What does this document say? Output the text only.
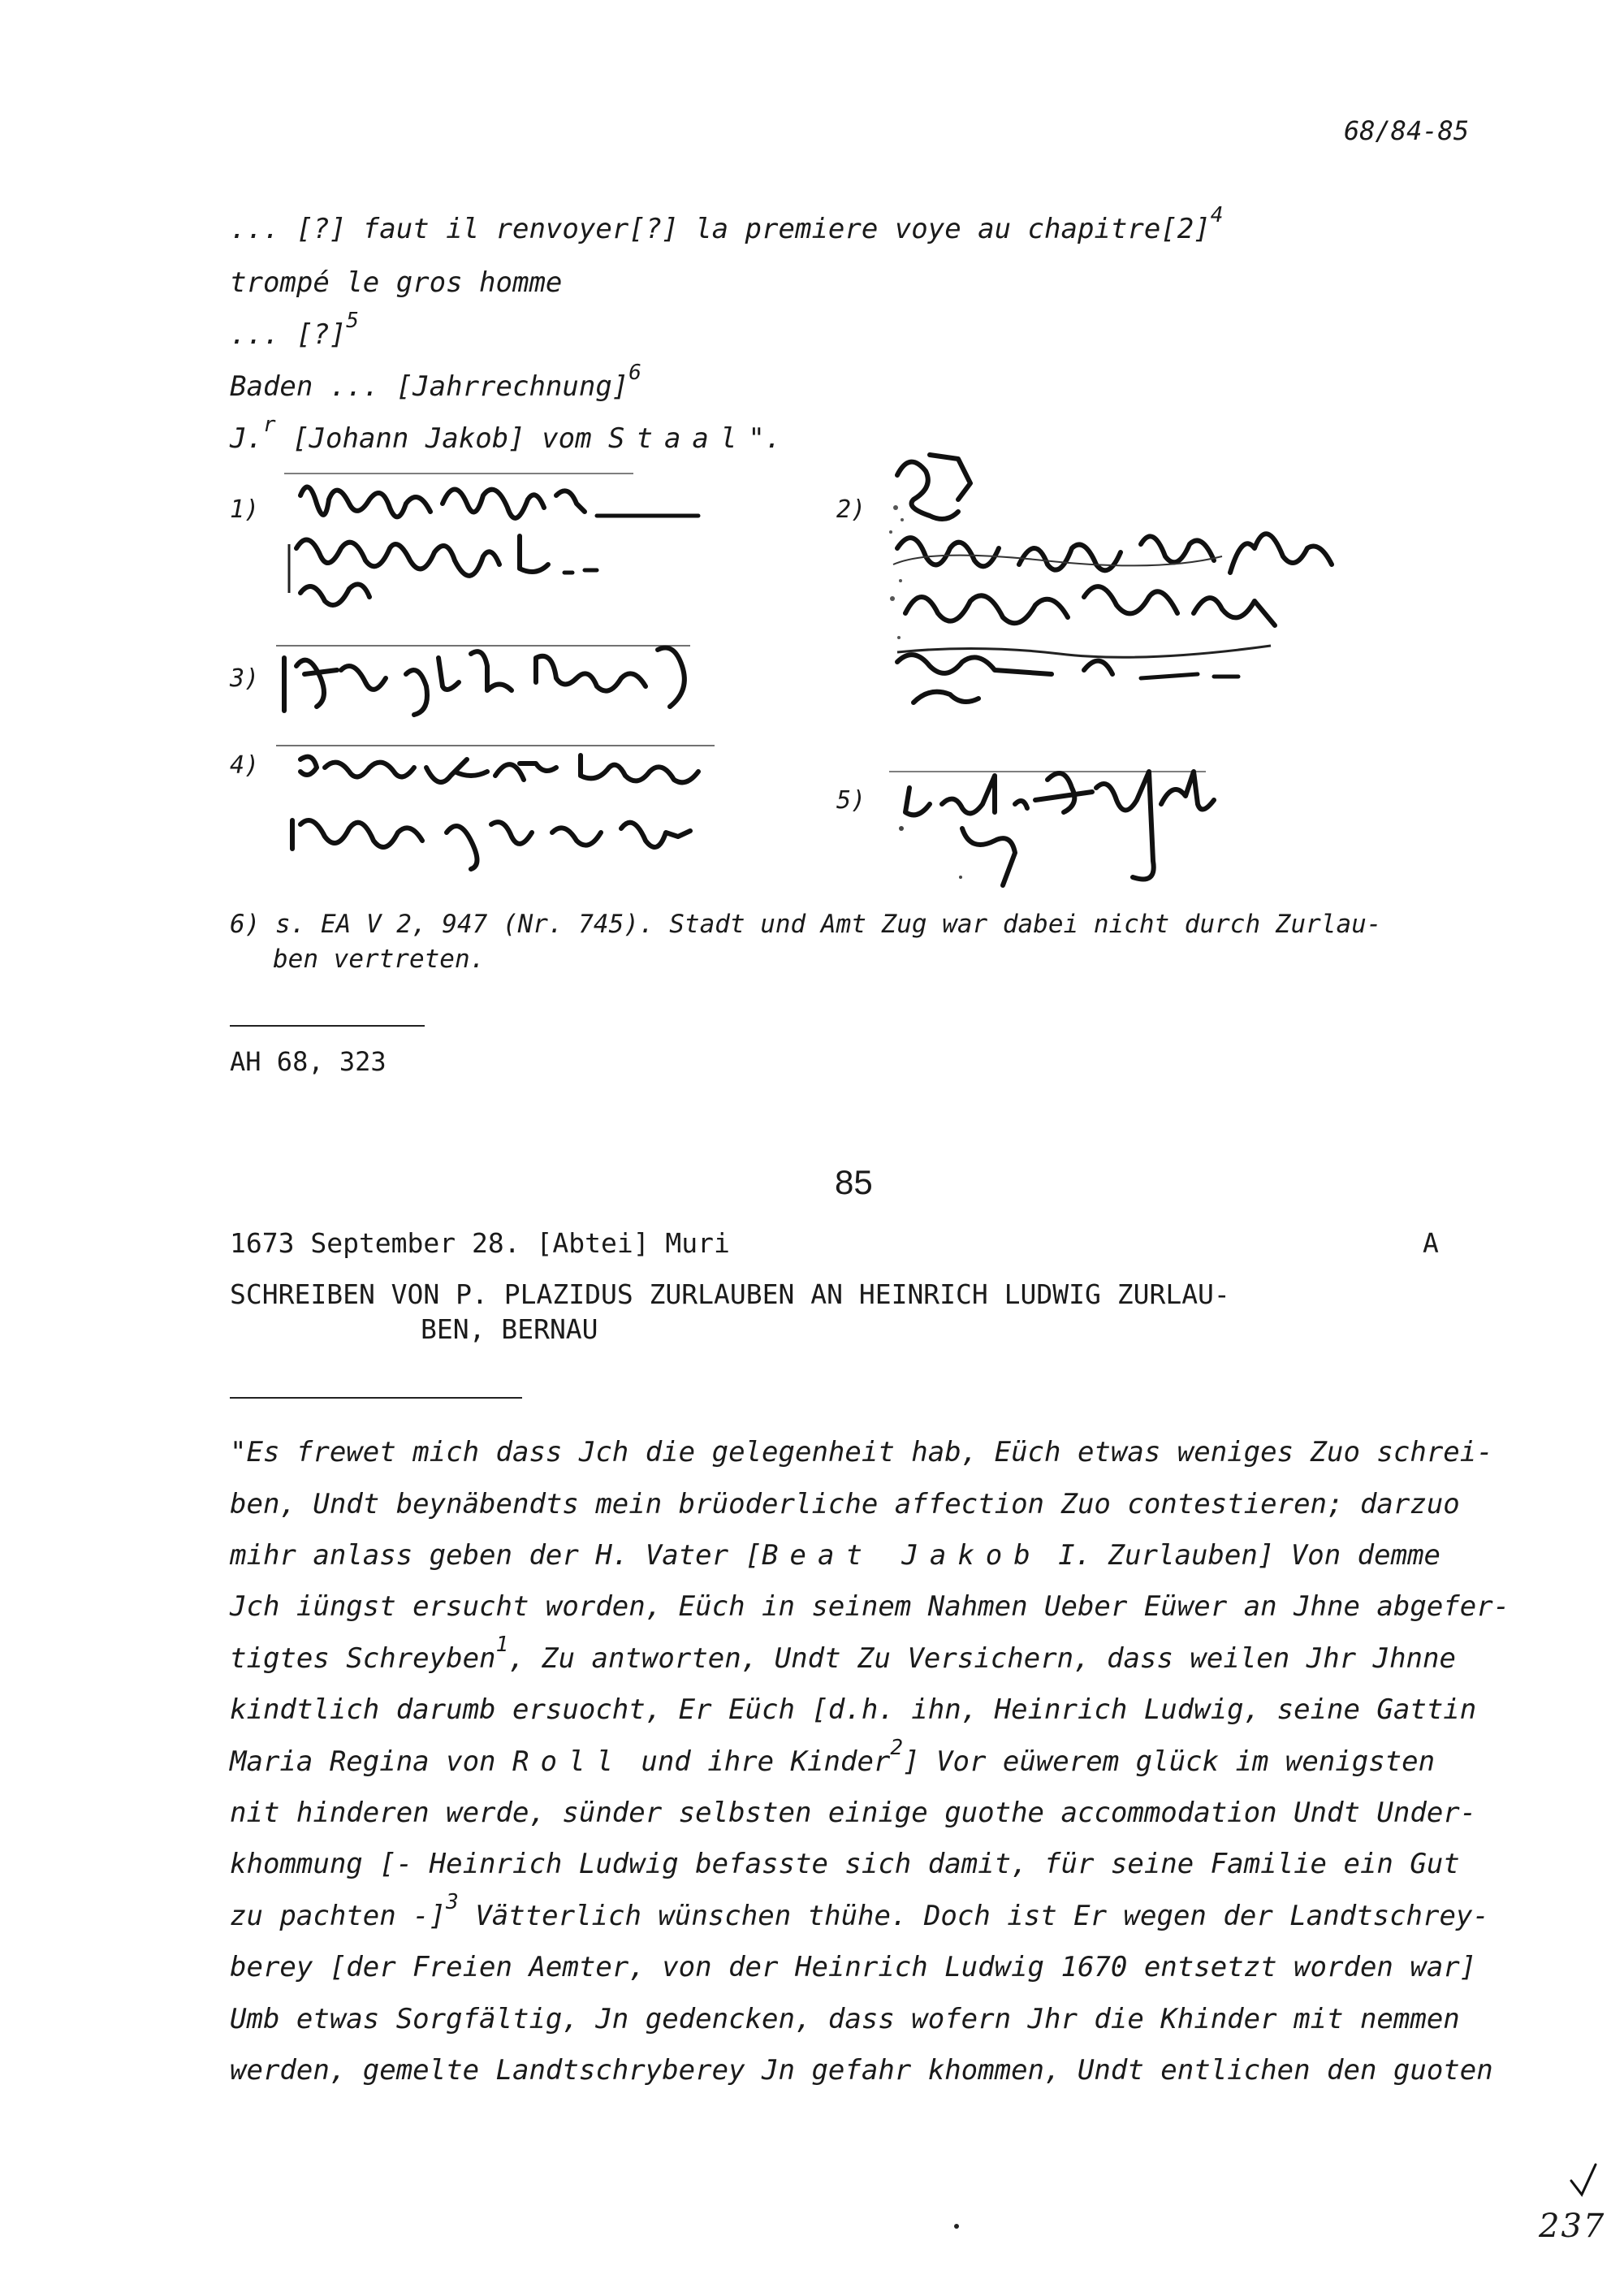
68/84-85
... [?] faut il renvoyer[?] la premiere voye au $chapitre[2]^4$
trompé le gros homme
... [?]$^5$
Baden ... [Jahrrechnung]$^6$
J.$^r$ [Johann Jakob] vom Staal".
1)	2)
3)
4)
5)
6) s. EA V 2, 947 (Nr. 745). Stadt und Amt Zug war dabei nicht durch Zurlau-
ben vertreten.
AH 68, 323
85
1673 September 28. [Abtei] Muri	A
SCHREIBEN VON P. PLAZIDUS ZURLAUBEN AN HEINRICH LUDWIG ZURLAU-
BEN, BERNAU
"Es frewet mich dass Jch die gelegenheit hab, Eüch etwas weniges Zuo schrei-
ben, Undt beynäbendts mein brüoderliche affection Zuo contestieren; darzuo
mihr anlass geben der H. Vater [Beat Jakob I. Zurlauben] Von demme
Jch iüngst ersucht worden, Eüch in seinem Nahmen Ueber Eüwer an Jhne abgefer-
tigtes Schreyben$^1$, Zu antworten, Undt Zu Versichern, dass weilen Jhr Jhnne
kindtlich darumb ersuocht, Er Eüch [d.h. ihn, Heinrich Ludwig, seine Gattin
Maria Regina von Roll und ihre Kinder$^2$] Vor eüwerem glück im wenigsten
nit hinderen werde, sünder selbsten einige guothe accommodation Undt Under-
khommung [- Heinrich Ludwig befasste sich damit, für seine Familie ein Gut
zu pachten -]$^3$ Vätterlich wünschen thühe. Doch ist Er wegen der Landtschrey-
berey [der Freien Aemter, von der Heinrich Ludwig 1670 entsetzt worden war]
Umb etwas Sorgfältig, Jn gedencken, dass wofern Jhr die Khinder mit nemmen
werden, gemelte Landtschryberey Jn gefahr khommen, Undt entlichen den guoten
237
